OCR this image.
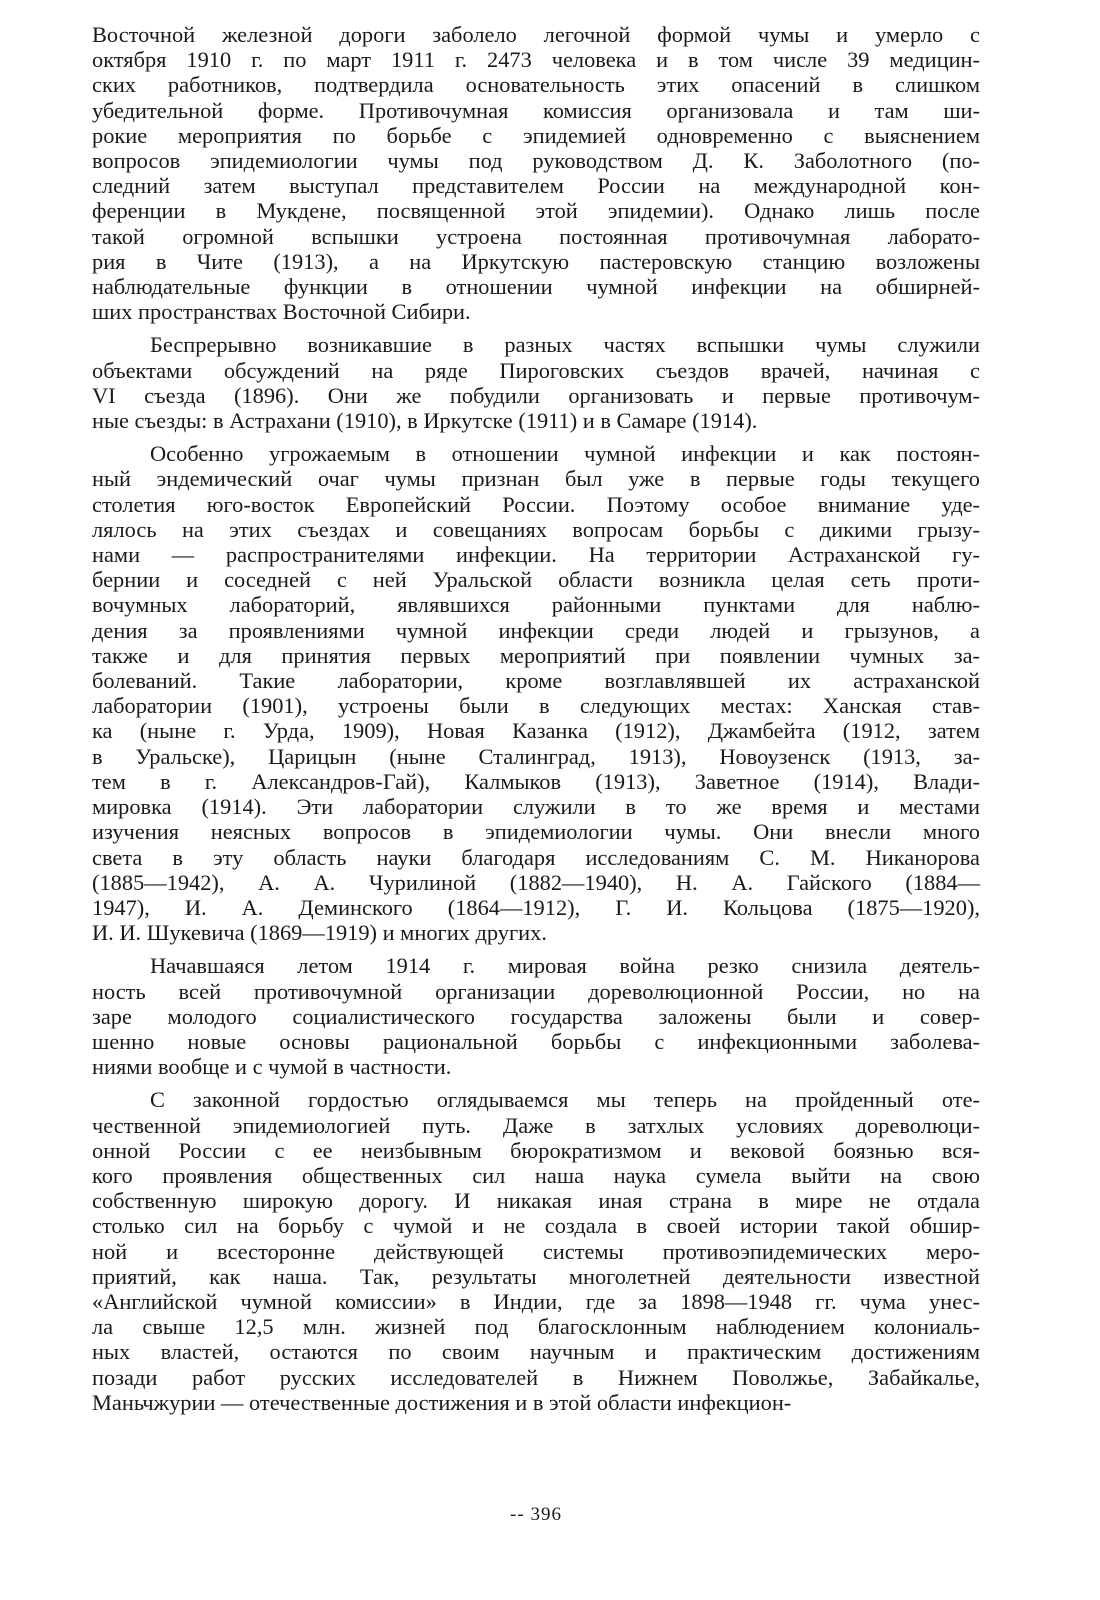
Восточной железной дороги заболело легочной формой чумы и умерло с
октября 1910 г. по март 1911 г. 2473 человека и в том числе 39 медицин-
ских работников, подтвердила основательность этих опасений в слишком
убедительной форме. Противочумная комиссия организовала и там ши-
рокие мероприятия по борьбе с эпидемией одновременно с выяснением
вопросов эпидемиологии чумы под руководством Д. К. Заболотного (по-
следний затем выступал представителем России на международной кон-
ференции в Мукдене, посвященной этой эпидемии). Однако лишь после
такой огромной вспышки устроена постоянная противочумная лаборато-
рия в Чите (1913), а на Иркутскую пастеровскую станцию возложены
наблюдательные функции в отношении чумной инфекции на обширней-
ших пространствах Восточной Сибири.
Беспрерывно возникавшие в разных частях вспышки чумы служили
объектами обсуждений на ряде Пироговских съездов врачей, начиная с
VI съезда (1896). Они же побудили организовать и первые противочум-
ные съезды: в Астрахани (1910), в Иркутске (1911) и в Самаре (1914).
Особенно угрожаемым в отношении чумной инфекции и как постоян-
ный эндемический очаг чумы признан был уже в первые годы текущего
столетия юго-восток Европейский России. Поэтому особое внимание уде-
лялось на этих съездах и совещаниях вопросам борьбы с дикими грызу-
нами — распространителями инфекции. На территории Астраханской гу-
бернии и соседней с ней Уральской области возникла целая сеть проти-
вочумных лабораторий, являвшихся районными пунктами для наблю-
дения за проявлениями чумной инфекции среди людей и грызунов, а
также и для принятия первых мероприятий при появлении чумных за-
болеваний. Такие лаборатории, кроме возглавлявшей их астраханской
лаборатории (1901), устроены были в следующих местах: Ханская став-
ка (ныне г. Урда, 1909), Новая Казанка (1912), Джамбейта (1912, затем
в Уральске), Царицын (ныне Сталинград, 1913), Новоузенск (1913, за-
тем в г. Александров-Гай), Калмыков (1913), Заветное (1914), Влади-
мировка (1914). Эти лаборатории служили в то же время и местами
изучения неясных вопросов в эпидемиологии чумы. Они внесли много
света в эту область науки благодаря исследованиям С. М. Никанорова
(1885—1942), А. А. Чурилиной (1882—1940), Н. А. Гайского (1884—
1947), И. А. Деминского (1864—1912), Г. И. Кольцова (1875—1920),
И. И. Шукевича (1869—1919) и многих других.
Начавшаяся летом 1914 г. мировая война резко снизила деятель-
ность всей противочумной организации дореволюционной России, но на
заре молодого социалистического государства заложены были и совер-
шенно новые основы рациональной борьбы с инфекционными заболева-
ниями вообще и с чумой в частности.
С законной гордостью оглядываемся мы теперь на пройденный оте-
чественной эпидемиологией путь. Даже в затхлых условиях дореволюци-
онной России с ее неизбывным бюрократизмом и вековой боязнью вся-
кого проявления общественных сил наша наука сумела выйти на свою
собственную широкую дорогу. И никакая иная страна в мире не отдала
столько сил на борьбу с чумой и не создала в своей истории такой обшир-
ной и всесторонне действующей системы противоэпидемических меро-
приятий, как наша. Так, результаты многолетней деятельности известной
«Английской чумной комиссии» в Индии, где за 1898—1948 гг. чума унес-
ла свыше 12,5 млн. жизней под благосклонным наблюдением колониаль-
ных властей, остаются по своим научным и практическим достижениям
позади работ русских исследователей в Нижнем Поволжье, Забайкалье,
Маньчжурии — отечественные достижения и в этой области инфекцион-
-- 396
